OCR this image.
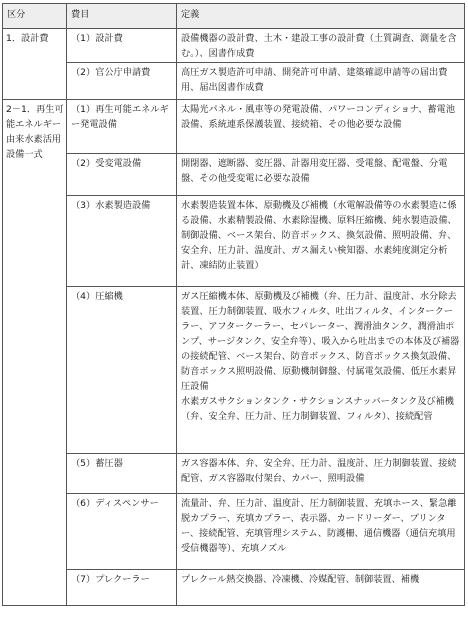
区分	費目	定義
1．設計費	（1）設計費	設備機器の設計費、土木・建設工事の設計費（土質調査、測量を含む。）、図書作成費
	（2）官公庁申請費	高圧ガス製造許可申請、開発許可申請、建築確認申請等の届出費用、届出図書作成費
2－1．再生可能エネルギー由来水素活用設備一式	（1）再生可能エネルギー発電設備	太陽光パネル・風車等の発電設備、パワーコンディショナ、蓄電池設備、系統連系保護装置、接続箱、その他必要な設備
	（2）受変電設備	開閉器、遮断器、変圧器、計器用変圧器、受電盤、配電盤、分電盤、その他受変電に必要な設備
	（3）水素製造設備	水素製造装置本体、原動機及び補機（水電解設備等の水素製造に係る設備、水素精製設備、水素除湿機、原料圧縮機、純水製造設備、制御設備、ベース架台、防音ボックス、換気設備、照明設備、弁、安全弁、圧力計、温度計、ガス漏えい検知器、水素純度測定分析計、凍結防止装置）
	（4）圧縮機	ガス圧縮機本体、原動機及び補機（弁、圧力計、温度計、水分除去装置、圧力制御装置、吸水フィルタ、吐出フィルタ、インタークーラー、アフタークーラー、セパレーター、潤滑油タンク、潤滑油ポンプ、サージタンク、安全弁等）、吸入から吐出までの本体及び補器の接続配管、ベース架台、防音ボックス、防音ボックス換気設備、防音ボックス照明設備、原動機制御盤、付属電気設備、低圧水素昇圧設備
水素ガスサクションタンク・サクションスナッバータンク及び補機（弁、安全弁、圧力計、圧力制御装置、フィルタ）、接続配管
	（5）蓄圧器	ガス容器本体、弁、安全弁、圧力計、温度計、圧力制御装置、接続配管、ガス容器取付架台、カバー、照明設備
	（6）ディスペンサー	流量計、弁、圧力計、温度計、圧力制御装置、充填ホース、緊急離脱カプラー、充填カプラー、表示器、カードリーダー、プリンター、接続配管、充填管理システム、防護柵、通信機器（通信充填用受信機器等）、充填ノズル
	（7）プレクーラー	プレクール熱交換器、冷凍機、冷媒配管、制御装置、補機
